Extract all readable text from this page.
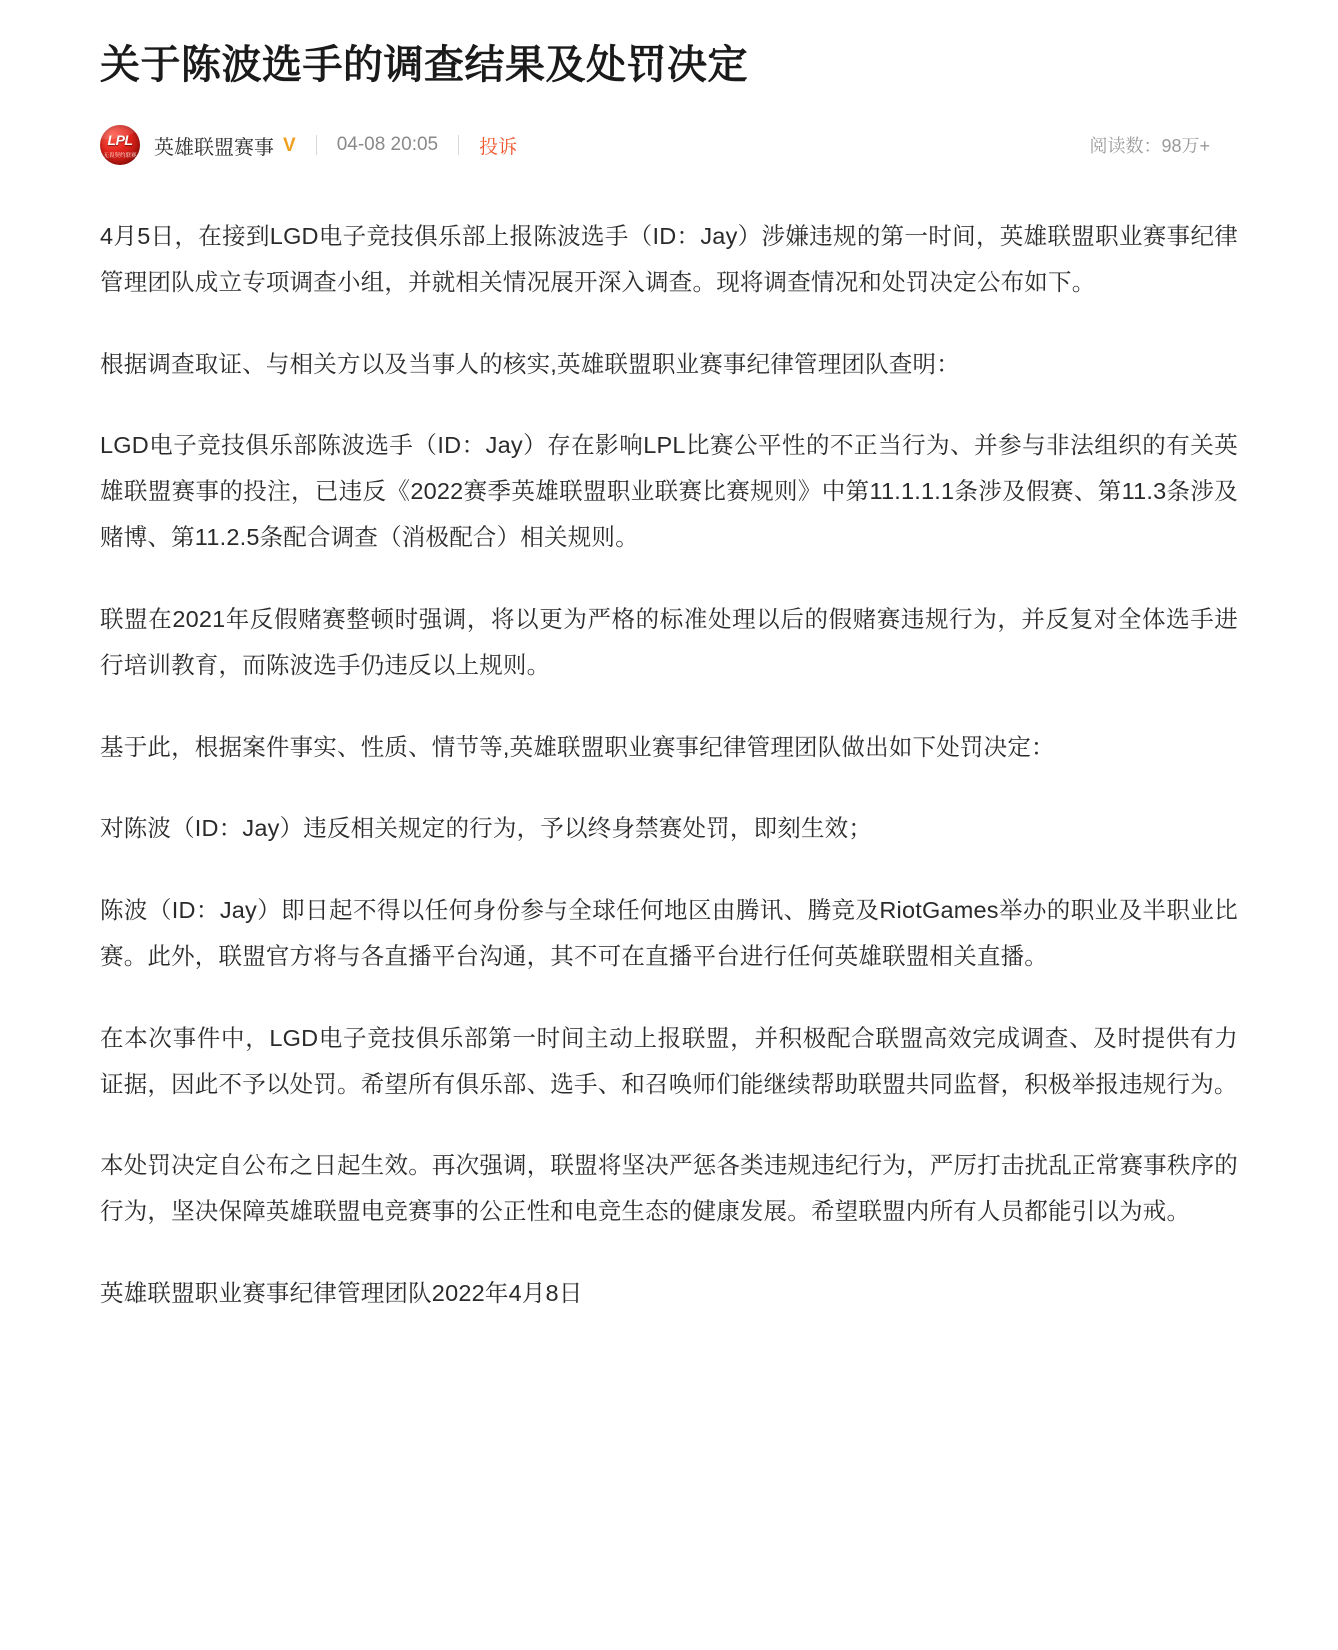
关于陈波选手的调查结果及处罚决定
LPL
无畏契约联赛 英雄联盟赛事 V 04-08 20:05 投诉	阅读数：98万+

4月5日，在接到LGD电子竞技俱乐部上报陈波选手（ID：Jay）涉嫌违规的第一时间，英雄联盟职业赛事纪律管理团队成立专项调查小组，并就相关情况展开深入调查。现将调查情况和处罚决定公布如下。

根据调查取证、与相关方以及当事人的核实,英雄联盟职业赛事纪律管理团队查明：

LGD电子竞技俱乐部陈波选手（ID：Jay）存在影响LPL比赛公平性的不正当行为、并参与非法组织的有关英雄联盟赛事的投注，已违反《2022赛季英雄联盟职业联赛比赛规则》中第11.1.1.1条涉及假赛、第11.3条涉及赌博、第11.2.5条配合调查（消极配合）相关规则。

联盟在2021年反假赌赛整顿时强调，将以更为严格的标准处理以后的假赌赛违规行为，并反复对全体选手进行培训教育，而陈波选手仍违反以上规则。

基于此，根据案件事实、性质、情节等,英雄联盟职业赛事纪律管理团队做出如下处罚决定：

对陈波（ID：Jay）违反相关规定的行为，予以终身禁赛处罚，即刻生效；

陈波（ID：Jay）即日起不得以任何身份参与全球任何地区由腾讯、腾竞及RiotGames举办的职业及半职业比赛。此外，联盟官方将与各直播平台沟通，其不可在直播平台进行任何英雄联盟相关直播。

在本次事件中，LGD电子竞技俱乐部第一时间主动上报联盟，并积极配合联盟高效完成调查、及时提供有力证据，因此不予以处罚。希望所有俱乐部、选手、和召唤师们能继续帮助联盟共同监督，积极举报违规行为。

本处罚决定自公布之日起生效。再次强调，联盟将坚决严惩各类违规违纪行为，严厉打击扰乱正常赛事秩序的行为，坚决保障英雄联盟电竞赛事的公正性和电竞生态的健康发展。希望联盟内所有人员都能引以为戒。

英雄联盟职业赛事纪律管理团队2022年4月8日
